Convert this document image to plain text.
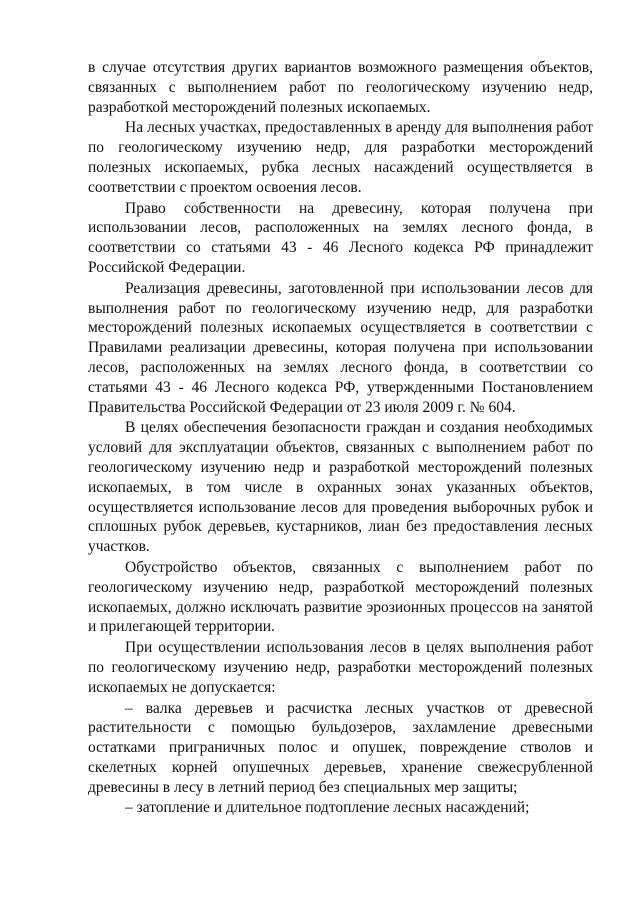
в случае отсутствия других вариантов возможного размещения объектов, связанных с выполнением работ по геологическому изучению недр, разработкой месторождений полезных ископаемых.

На лесных участках, предоставленных в аренду для выполнения работ по геологическому изучению недр, для разработки месторождений полезных ископаемых, рубка лесных насаждений осуществляется в соответствии с проектом освоения лесов.

Право собственности на древесину, которая получена при использовании лесов, расположенных на землях лесного фонда, в соответствии со статьями 43 - 46 Лесного кодекса РФ принадлежит Российской Федерации.

Реализация древесины, заготовленной при использовании лесов для выполнения работ по геологическому изучению недр, для разработки месторождений полезных ископаемых осуществляется в соответствии с Правилами реализации древесины, которая получена при использовании лесов, расположенных на землях лесного фонда, в соответствии со статьями 43 - 46 Лесного кодекса РФ, утвержденными Постановлением Правительства Российской Федерации от 23 июля 2009 г. № 604.

В целях обеспечения безопасности граждан и создания необходимых условий для эксплуатации объектов, связанных с выполнением работ по геологическому изучению недр и разработкой месторождений полезных ископаемых, в том числе в охранных зонах указанных объектов, осуществляется использование лесов для проведения выборочных рубок и сплошных рубок деревьев, кустарников, лиан без предоставления лесных участков.

Обустройство объектов, связанных с выполнением работ по геологическому изучению недр, разработкой месторождений полезных ископаемых, должно исключать развитие эрозионных процессов на занятой и прилегающей территории.

При осуществлении использования лесов в целях выполнения работ по геологическому изучению недр, разработки месторождений полезных ископаемых не допускается:

– валка деревьев и расчистка лесных участков от древесной растительности с помощью бульдозеров, захламление древесными остатками приграничных полос и опушек, повреждение стволов и скелетных корней опушечных деревьев, хранение свежесрубленной древесины в лесу в летний период без специальных мер защиты;

– затопление и длительное подтопление лесных насаждений;
